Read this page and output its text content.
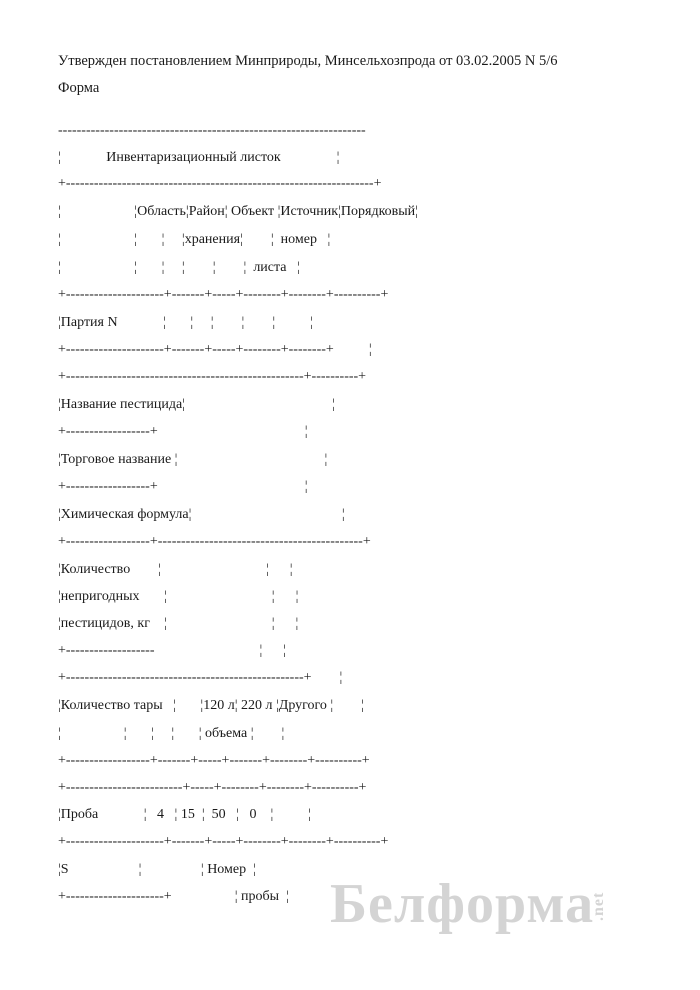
Утвержден постановлением Минприроды, Минсельхозпрода от 03.02.2005 N 5/6
Форма
------------------------------------------------------------------
¦             Инвентаризационный листок                ¦
+------------------------------------------------------------------+
¦                     ¦Область¦Район¦ Объект ¦Источник¦Порядковый¦
¦                     ¦       ¦     ¦хранения¦        ¦  номер   ¦
¦                     ¦       ¦     ¦        ¦        ¦  листа   ¦
+---------------------+-------+-----+--------+--------+----------+
¦Партия N             ¦       ¦     ¦        ¦        ¦          ¦
+---------------------+-------+-----+--------+--------+          ¦
+---------------------------------------------------+----------+
¦Название пестицида¦                                          ¦
+------------------+                                          ¦
¦Торговое название ¦                                          ¦
+------------------+                                          ¦
¦Химическая формула¦                                           ¦
+------------------+--------------------------------------------+
¦Количество        ¦                              ¦      ¦
¦непригодных       ¦                              ¦      ¦
¦пестицидов, кг    ¦                              ¦      ¦
+-------------------                              ¦      ¦
+---------------------------------------------------+        ¦
¦Количество тары   ¦       ¦120 л¦ 220 л ¦Другого ¦        ¦
¦                  ¦       ¦     ¦       ¦ объема ¦        ¦
+------------------+-------+-----+-------+--------+----------+
+-------------------------+-----+--------+--------+----------+
¦Проба             ¦   4   ¦ 15  ¦  50   ¦   0    ¦          ¦
+---------------------+-------+-----+--------+--------+----------+
¦S                    ¦                 ¦ Номер  ¦
+---------------------+                  ¦ пробы  ¦ Белформа.net
